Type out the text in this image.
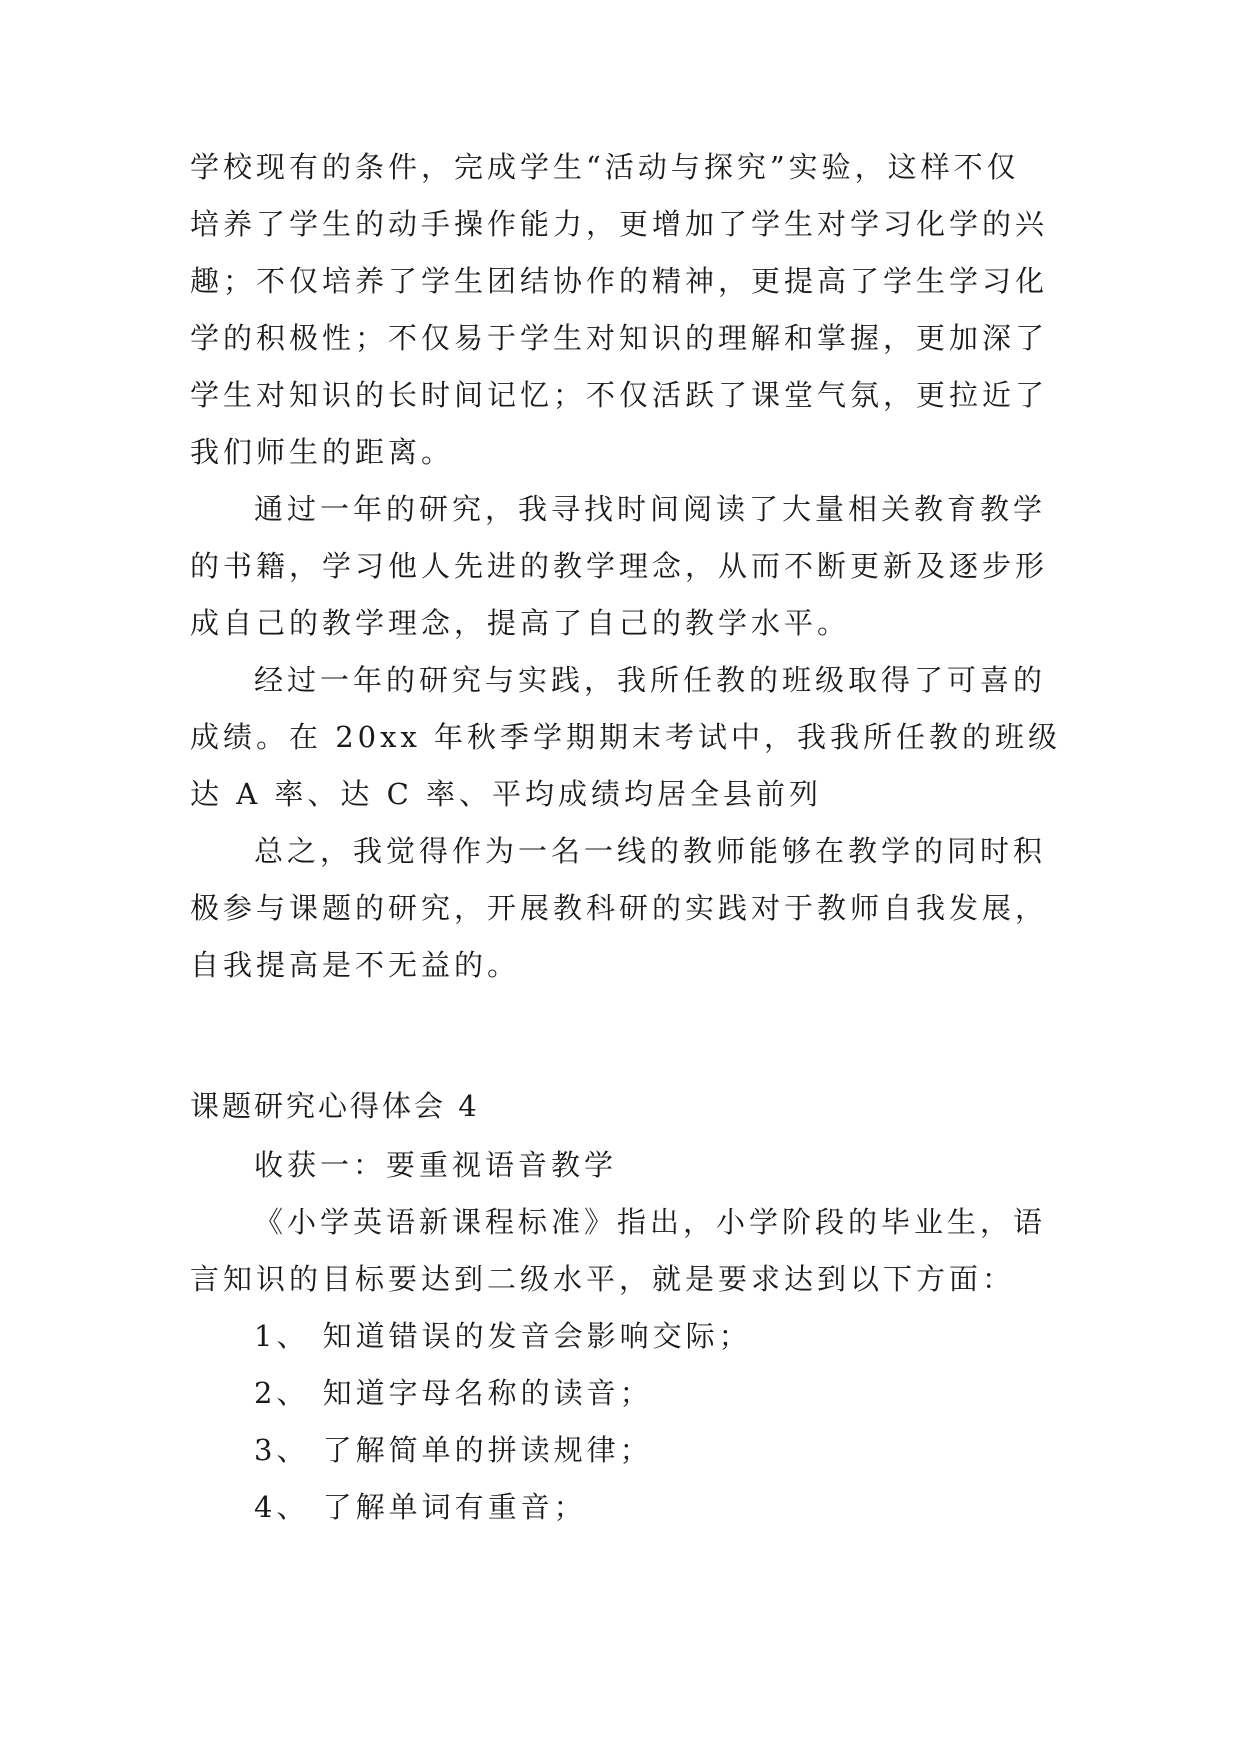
学校现有的条件，完成学生“活动与探究”实验，这样不仅
培养了学生的动手操作能力，更增加了学生对学习化学的兴
趣；不仅培养了学生团结协作的精神，更提高了学生学习化
学的积极性；不仅易于学生对知识的理解和掌握，更加深了
学生对知识的长时间记忆；不仅活跃了课堂气氛，更拉近了
我们师生的距离。
通过一年的研究，我寻找时间阅读了大量相关教育教学
的书籍，学习他人先进的教学理念，从而不断更新及逐步形
成自己的教学理念，提高了自己的教学水平。
经过一年的研究与实践，我所任教的班级取得了可喜的
成绩。在 20xx 年秋季学期期末考试中，我我所任教的班级
达 A 率、达 C 率、平均成绩均居全县前列
总之，我觉得作为一名一线的教师能够在教学的同时积
极参与课题的研究，开展教科研的实践对于教师自我发展，
自我提高是不无益的。
课题研究心得体会 4
收获一：要重视语音教学
《小学英语新课程标准》指出，小学阶段的毕业生，语
言知识的目标要达到二级水平，就是要求达到以下方面：
1、 知道错误的发音会影响交际；
2、 知道字母名称的读音；
3、 了解简单的拼读规律；
4、 了解单词有重音；
